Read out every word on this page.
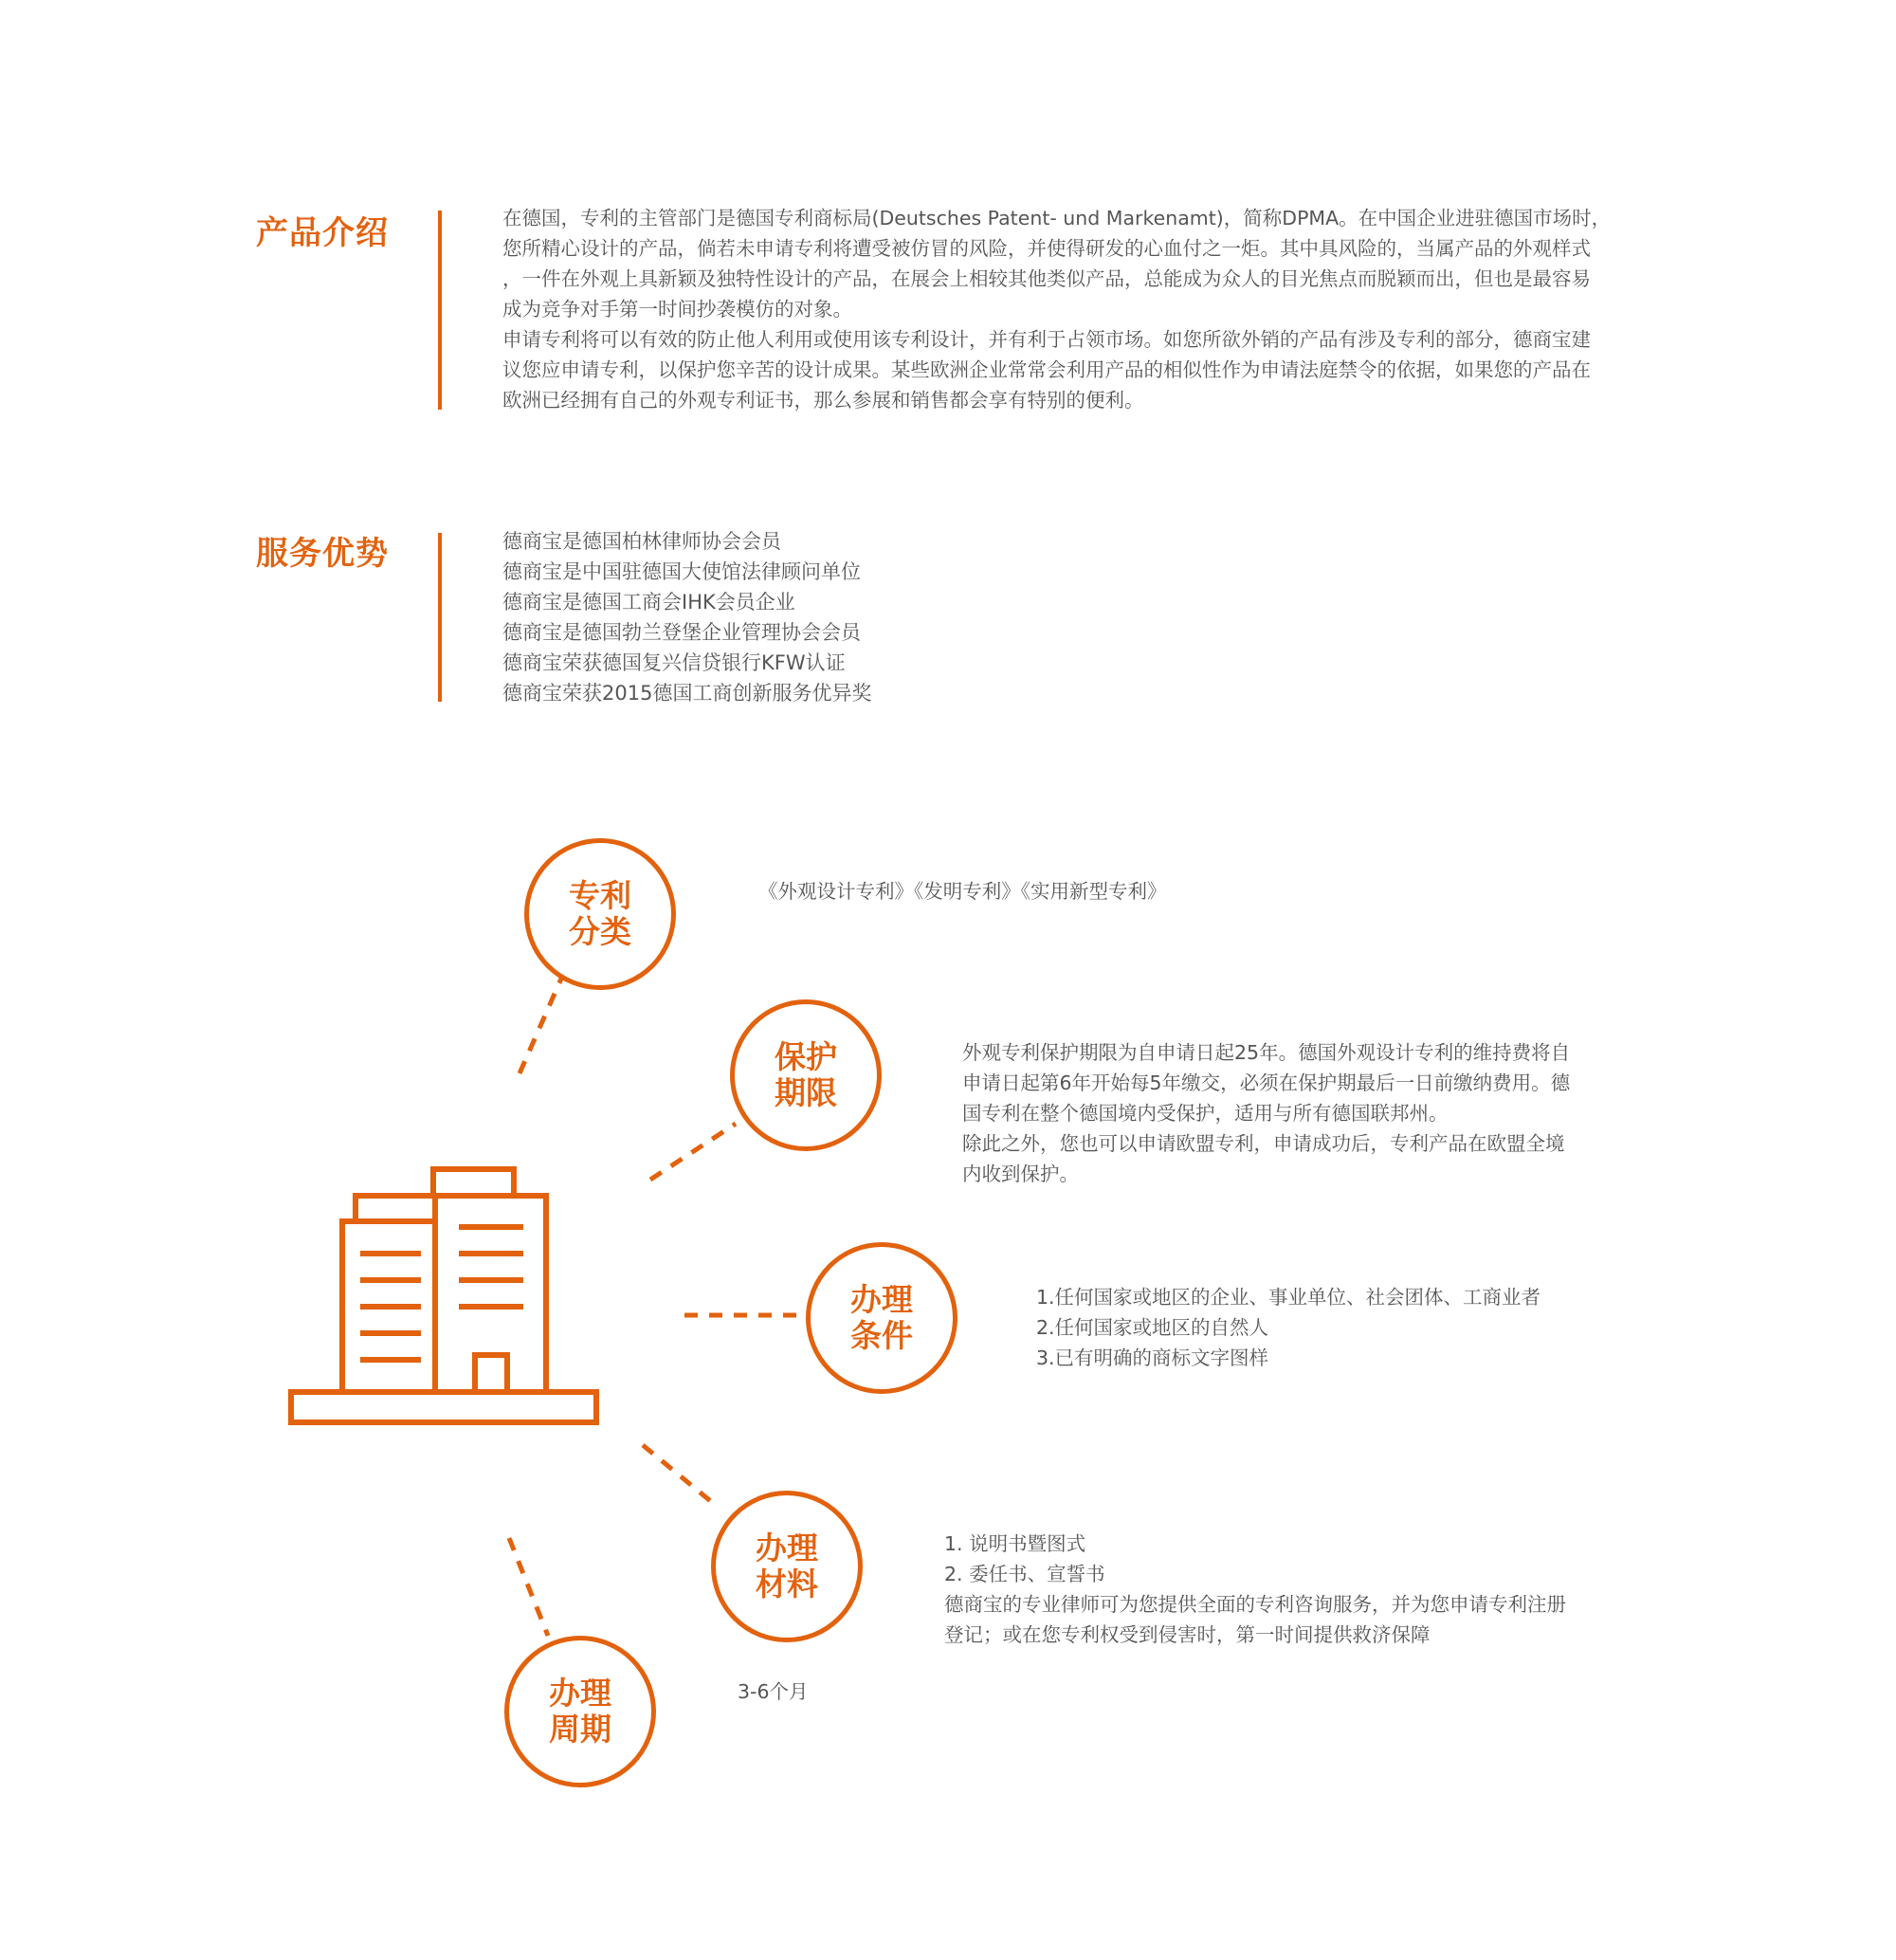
产品介绍	在德国，专利的主管部门是德国专利商标局(Deutsches Patent- und Markenamt)，简称DPMA。在中国企业进驻德国市场时，
您所精心设计的产品，倘若未申请专利将遭受被仿冒的风险，并使得研发的心血付之一炬。其中具风险的，当属产品的外观样式
，一件在外观上具新颖及独特性设计的产品，在展会上相较其他类似产品，总能成为众人的目光焦点而脱颖而出，但也是最容易
成为竞争对手第一时间抄袭模仿的对象。
申请专利将可以有效的防止他人利用或使用该专利设计，并有利于占领市场。如您所欲外销的产品有涉及专利的部分，德商宝建
议您应申请专利，以保护您辛苦的设计成果。某些欧洲企业常常会利用产品的相似性作为申请法庭禁令的依据，如果您的产品在
欧洲已经拥有自己的外观专利证书，那么参展和销售都会享有特别的便利。
服务优势	德商宝是德国柏林律师协会会员
德商宝是中国驻德国大使馆法律顾问单位
德商宝是德国工商会IHK会员企业
德商宝是德国勃兰登堡企业管理协会会员
德商宝荣获德国复兴信贷银行KFW认证
德商宝荣获2015德国工商创新服务优异奖
专利
分类
《外观设计专利》《发明专利》《实用新型专利》
保护
期限
外观专利保护期限为自申请日起25年。德国外观设计专利的维持费将自
申请日起第6年开始每5年缴交，必须在保护期最后一日前缴纳费用。德
国专利在整个德国境内受保护，适用与所有德国联邦州。
除此之外，您也可以申请欧盟专利，申请成功后，专利产品在欧盟全境
内收到保护。
办理
条件
1.任何国家或地区的企业、事业单位、社会团体、工商业者
2.任何国家或地区的自然人
3.已有明确的商标文字图样
办理
材料
1. 说明书暨图式
2. 委任书、宣誓书
德商宝的专业律师可为您提供全面的专利咨询服务，并为您申请专利注册
登记；或在您专利权受到侵害时，第一时间提供救济保障
办理
周期
3-6个月
